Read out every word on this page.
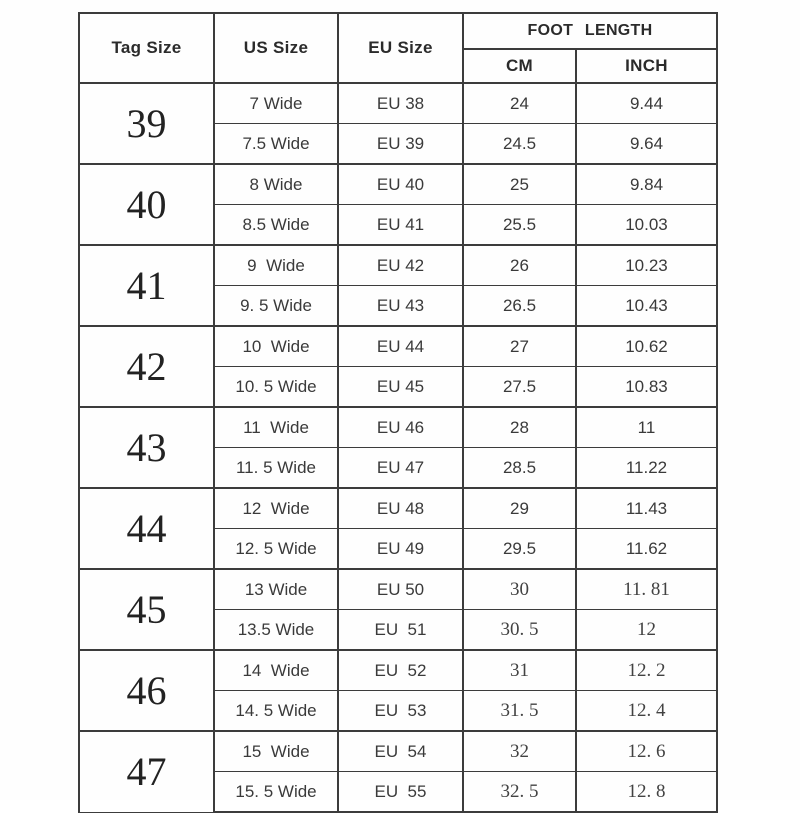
Tag Size	US Size	EU Size	FOOT LENGTH	
			CM	INCH
39	7 Wide	EU 38	24	9.44
	7.5 Wide	EU 39	24.5	9.64
40	8 Wide	EU 40	25	9.84
	8.5 Wide	EU 41	25.5	10.03
41	9  Wide	EU 42	26	10.23
	9. 5 Wide	EU 43	26.5	10.43
42	10  Wide	EU 44	27	10.62
	10. 5 Wide	EU 45	27.5	10.83
43	11  Wide	EU 46	28	11
	11. 5 Wide	EU 47	28.5	11.22
44	12  Wide	EU 48	29	11.43
	12. 5 Wide	EU 49	29.5	11.62
45	13 Wide	EU 50	30	11. 81
	13.5 Wide	EU  51	30. 5	12
46	14  Wide	EU  52	31	12. 2
	14. 5 Wide	EU  53	31. 5	12. 4
47	15  Wide	EU  54	32	12. 6
	15. 5 Wide	EU  55	32. 5	12. 8
